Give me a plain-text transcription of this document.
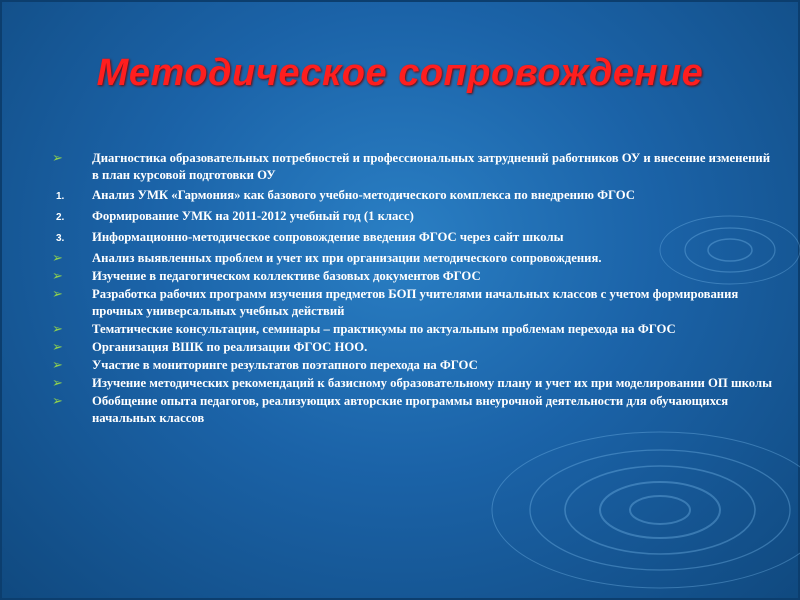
Методическое сопровождение
➢	Диагностика образовательных потребностей и профессиональных затруднений работников ОУ и внесение изменений в план курсовой подготовки ОУ
1.	Анализ УМК «Гармония» как базового учебно-методического комплекса по внедрению ФГОС
2.	Формирование УМК на 2011-2012 учебный год (1 класс)
3.	Информационно-методическое сопровождение введения ФГОС через сайт школы
➢	Анализ выявленных проблем и учет их при организации методического сопровождения.
➢	Изучение в педагогическом коллективе базовых документов ФГОС
➢	Разработка рабочих программ изучения предметов БОП учителями начальных классов с учетом формирования прочных универсальных учебных действий
➢	Тематические консультации, семинары – практикумы по актуальным проблемам перехода на ФГОС
➢	Организация ВШК по реализации ФГОС НОО.
➢	Участие в мониторинге результатов поэтапного перехода на ФГОС
➢	Изучение методических рекомендаций к базисному образовательному плану и учет их при моделировании ОП школы
➢	Обобщение опыта педагогов, реализующих авторские программы внеурочной деятельности для обучающихся начальных классов
